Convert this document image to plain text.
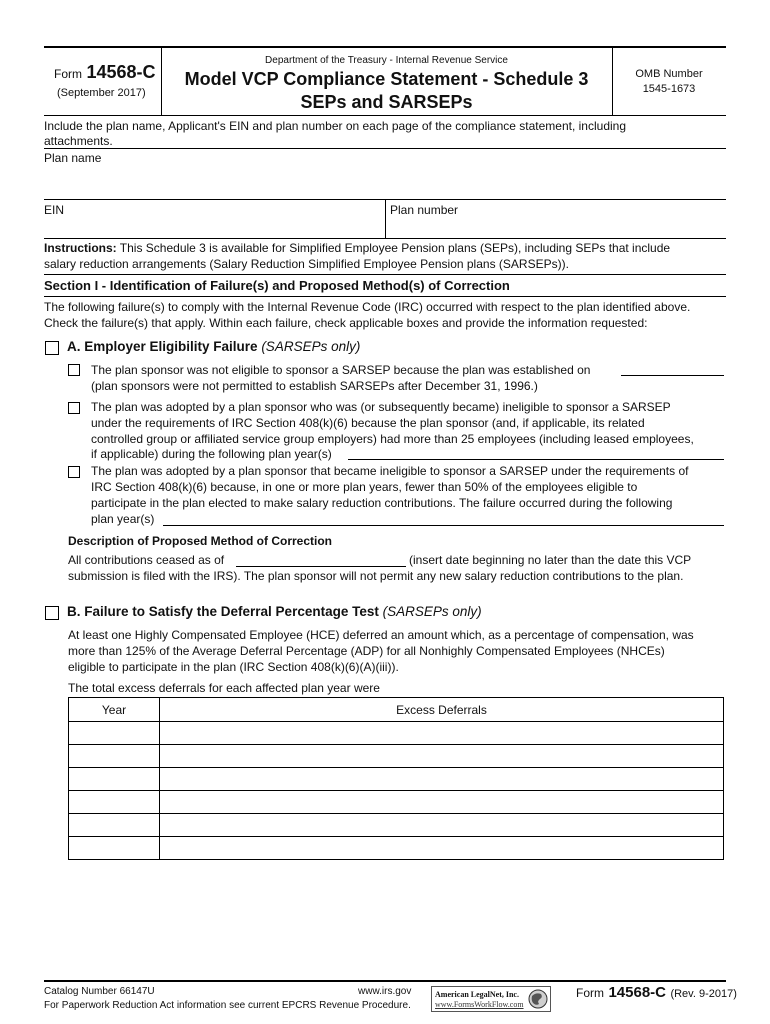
Form 14568-C
(September 2017)
Department of the Treasury - Internal Revenue Service
Model VCP Compliance Statement - Schedule 3
SEPs and SARSEPs
OMB Number
1545-1673
Include the plan name, Applicant's EIN and plan number on each page of the compliance statement, including
attachments.
Plan name
EIN	Plan number
Instructions: This Schedule 3 is available for Simplified Employee Pension plans (SEPs), including SEPs that include
salary reduction arrangements (Salary Reduction Simplified Employee Pension plans (SARSEPs)).
Section I - Identification of Failure(s) and Proposed Method(s) of Correction
The following failure(s) to comply with the Internal Revenue Code (IRC) occurred with respect to the plan identified above.
Check the failure(s) that apply. Within each failure, check applicable boxes and provide the information requested:
A. Employer Eligibility Failure (SARSEPs only)
The plan sponsor was not eligible to sponsor a SARSEP because the plan was established on
(plan sponsors were not permitted to establish SARSEPs after December 31, 1996.)
The plan was adopted by a plan sponsor who was (or subsequently became) ineligible to sponsor a SARSEP
under the requirements of IRC Section 408(k)(6) because the plan sponsor (and, if applicable, its related
controlled group or affiliated service group employers) had more than 25 employees (including leased employees,
if applicable) during the following plan year(s)
The plan was adopted by a plan sponsor that became ineligible to sponsor a SARSEP under the requirements of
IRC Section 408(k)(6) because, in one or more plan years, fewer than 50% of the employees eligible to
participate in the plan elected to make salary reduction contributions. The failure occurred during the following
plan year(s)
Description of Proposed Method of Correction
All contributions ceased as of	(insert date beginning no later than the date this VCP
submission is filed with the IRS). The plan sponsor will not permit any new salary reduction contributions to the plan.
B. Failure to Satisfy the Deferral Percentage Test (SARSEPs only)
At least one Highly Compensated Employee (HCE) deferred an amount which, as a percentage of compensation, was
more than 125% of the Average Deferral Percentage (ADP) for all Nonhighly Compensated Employees (NHCEs)
eligible to participate in the plan (IRC Section 408(k)(6)(A)(iii)).
The total excess deferrals for each affected plan year were
Year	Excess Deferrals

Catalog Number 66147U	www.irs.gov
For Paperwork Reduction Act information see current EPCRS Revenue Procedure.
American LegalNet, Inc.
www.FormsWorkFlow.com
Form 14568-C (Rev. 9-2017)
